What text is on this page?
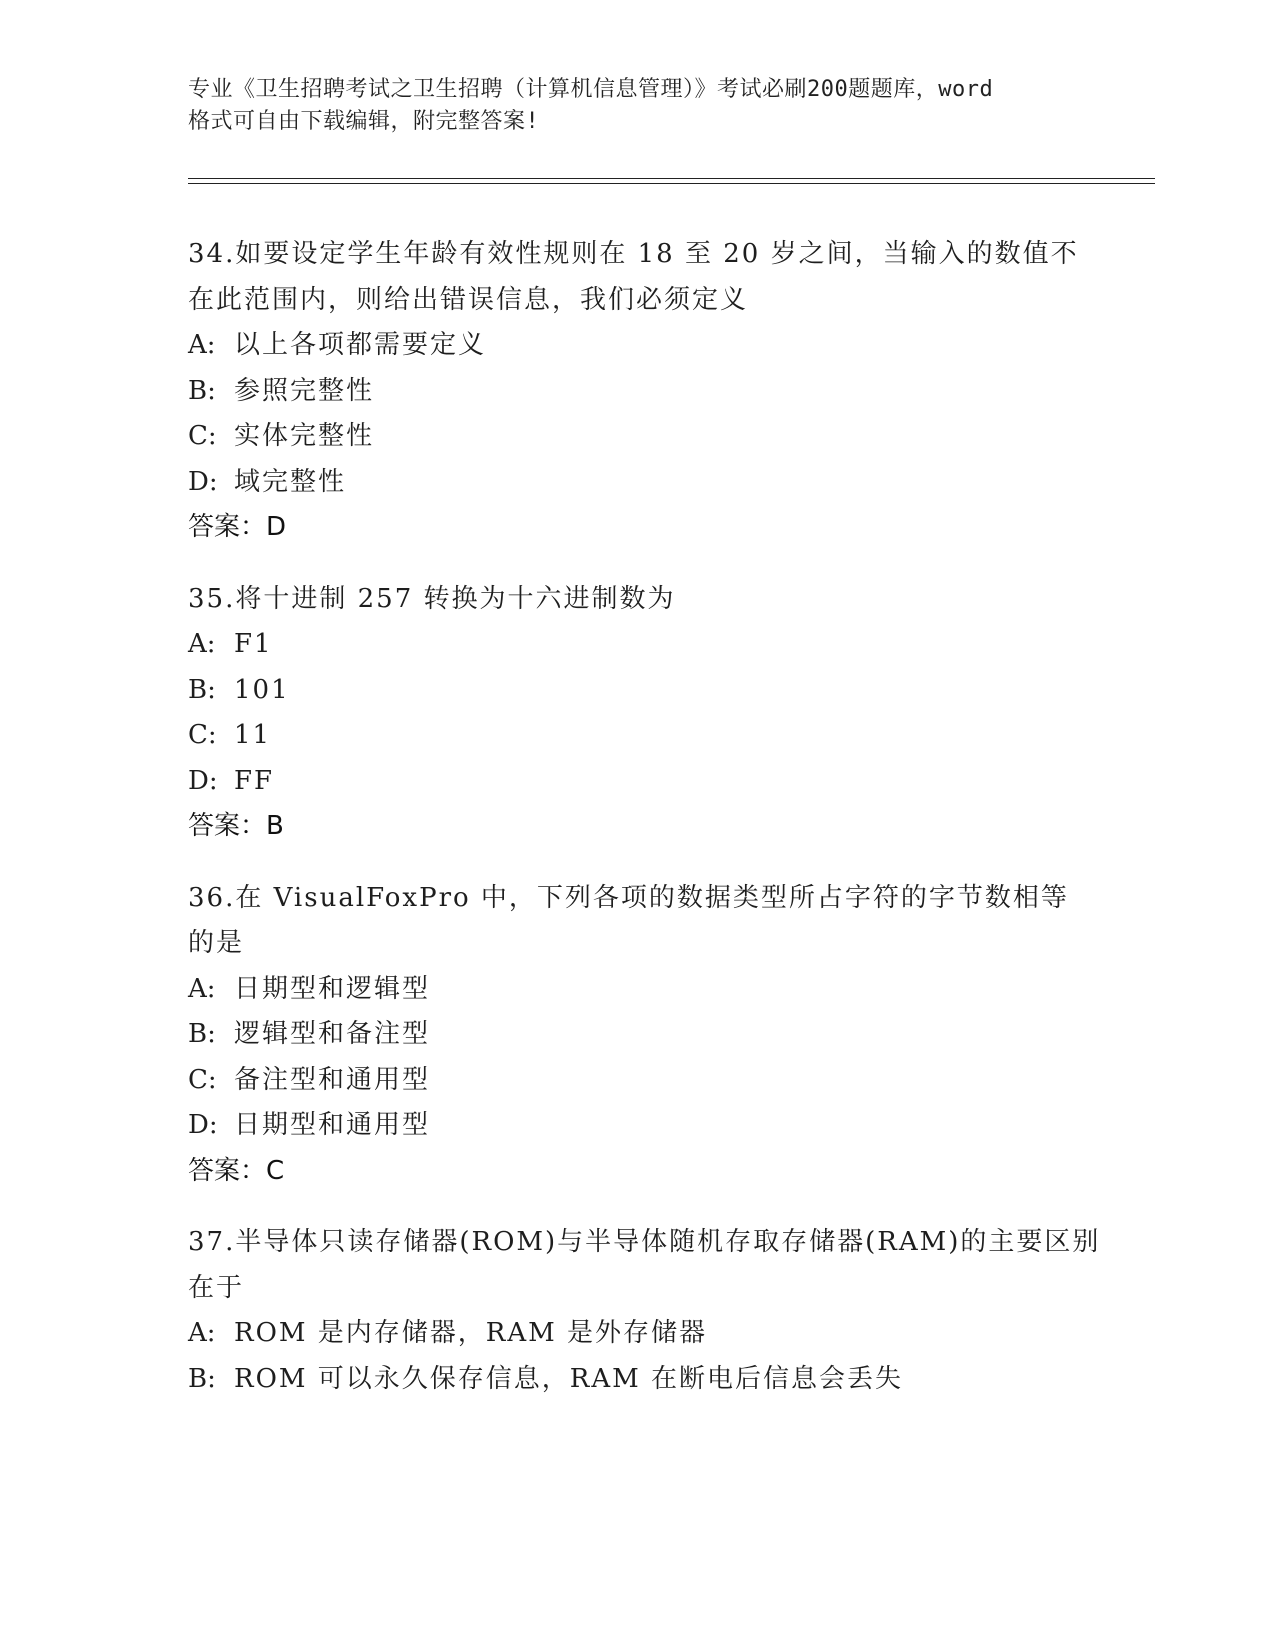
专业《卫生招聘考试之卫生招聘（计算机信息管理）》考试必刷200题题库，word
格式可自由下载编辑，附完整答案!
34.如要设定学生年龄有效性规则在 18 至 20 岁之间，当输入的数值不
在此范围内，则给出错误信息，我们必须定义
A: 以上各项都需要定义
B: 参照完整性
C: 实体完整性
D: 域完整性
答案：D
35.将十进制 257 转换为十六进制数为
A: F1
B: 101
C: 11
D: FF
答案：B
36.在 VisualFoxPro 中，下列各项的数据类型所占字符的字节数相等
的是
A: 日期型和逻辑型
B: 逻辑型和备注型
C: 备注型和通用型
D: 日期型和通用型
答案：C
37.半导体只读存储器(ROM)与半导体随机存取存储器(RAM)的主要区别
在于
A: ROM 是内存储器，RAM 是外存储器
B: ROM 可以永久保存信息，RAM 在断电后信息会丢失
